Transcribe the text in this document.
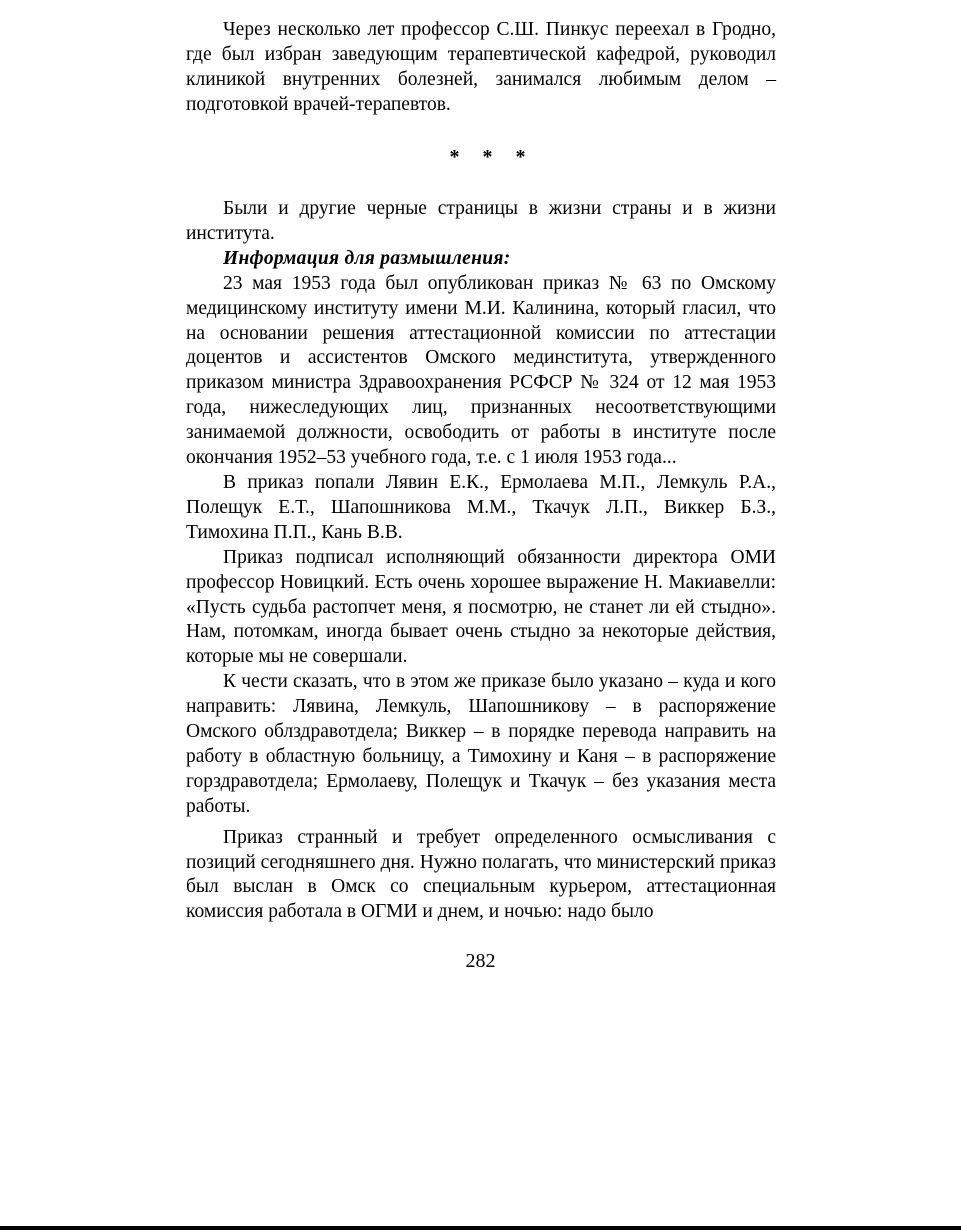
Через несколько лет профессор С.Ш. Пинкус переехал в Гродно, где был избран заведующим терапевтической кафедрой, руководил клиникой внутренних болезней, занимался любимым делом – подготовкой врачей-терапевтов.

* * *

Были и другие черные страницы в жизни страны и в жизни института.

Информация для размышления:

23 мая 1953 года был опубликован приказ № 63 по Омскому медицинскому институту имени М.И. Калинина, который гласил, что на основании решения аттестационной комиссии по аттестации доцентов и ассистентов Омского мединститута, утвержденного приказом министра Здравоохранения РСФСР № 324 от 12 мая 1953 года, нижеследующих лиц, признанных несоответствующими занимаемой должности, освободить от работы в институте после окончания 1952–53 учебного года, т.е. с 1 июля 1953 года...

В приказ попали Лявин Е.К., Ермолаева М.П., Лемкуль Р.А., Полещук Е.Т., Шапошникова М.М., Ткачук Л.П., Виккер Б.З., Тимохина П.П., Кань В.В.

Приказ подписал исполняющий обязанности директора ОМИ профессор Новицкий. Есть очень хорошее выражение Н. Макиавелли: «Пусть судьба растопчет меня, я посмотрю, не станет ли ей стыдно». Нам, потомкам, иногда бывает очень стыдно за некоторые действия, которые мы не совершали.

К чести сказать, что в этом же приказе было указано – куда и кого направить: Лявина, Лемкуль, Шапошникову – в распоряжение Омского облздравотдела; Виккер – в порядке перевода направить на работу в областную больницу, а Тимохину и Каня – в распоряжение горздравотдела; Ермолаеву, Полещук и Ткачук – без указания места работы.

Приказ странный и требует определенного осмысливания с позиций сегодняшнего дня. Нужно полагать, что министерский приказ был выслан в Омск со специальным курьером, аттестационная комиссия работала в ОГМИ и днем, и ночью: надо было

282
